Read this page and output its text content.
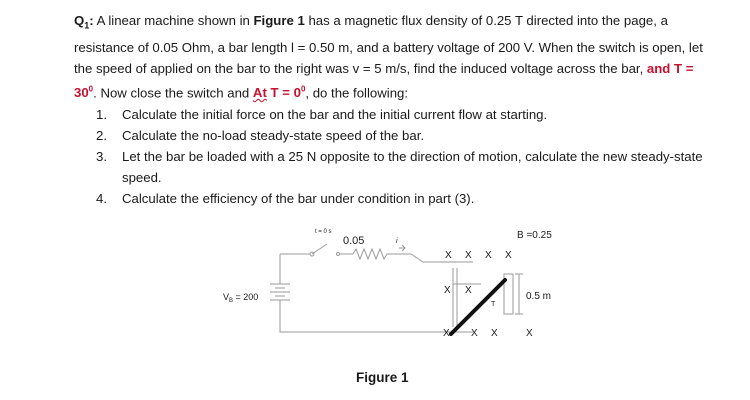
$Q_1$: A linear machine shown in Figure 1 has a magnetic flux density of 0.25 T directed into the page, a resistance of 0.05 Ohm, a bar length l = 0.50 m, and a battery voltage of 200 V. When the switch is open, let the speed of applied on the bar to the right was v = 5 m/s, find the induced voltage across the bar, and $T = 30^0$. Now close the switch and At $T = 0^0$, do the following:

1. Calculate the initial force on the bar and the initial current flow at starting.
2. Calculate the no-load steady-state speed of the bar.
3. Let the bar be loaded with a 25 N opposite to the direction of motion, calculate the new steady-state speed.
4. Calculate the efficiency of the bar under condition in part (3).
t = 0 s
0.05	i
$V_B = 200$
B =0.25
0.5 m
T
X X X X
X X
X X X	X
Figure 1
